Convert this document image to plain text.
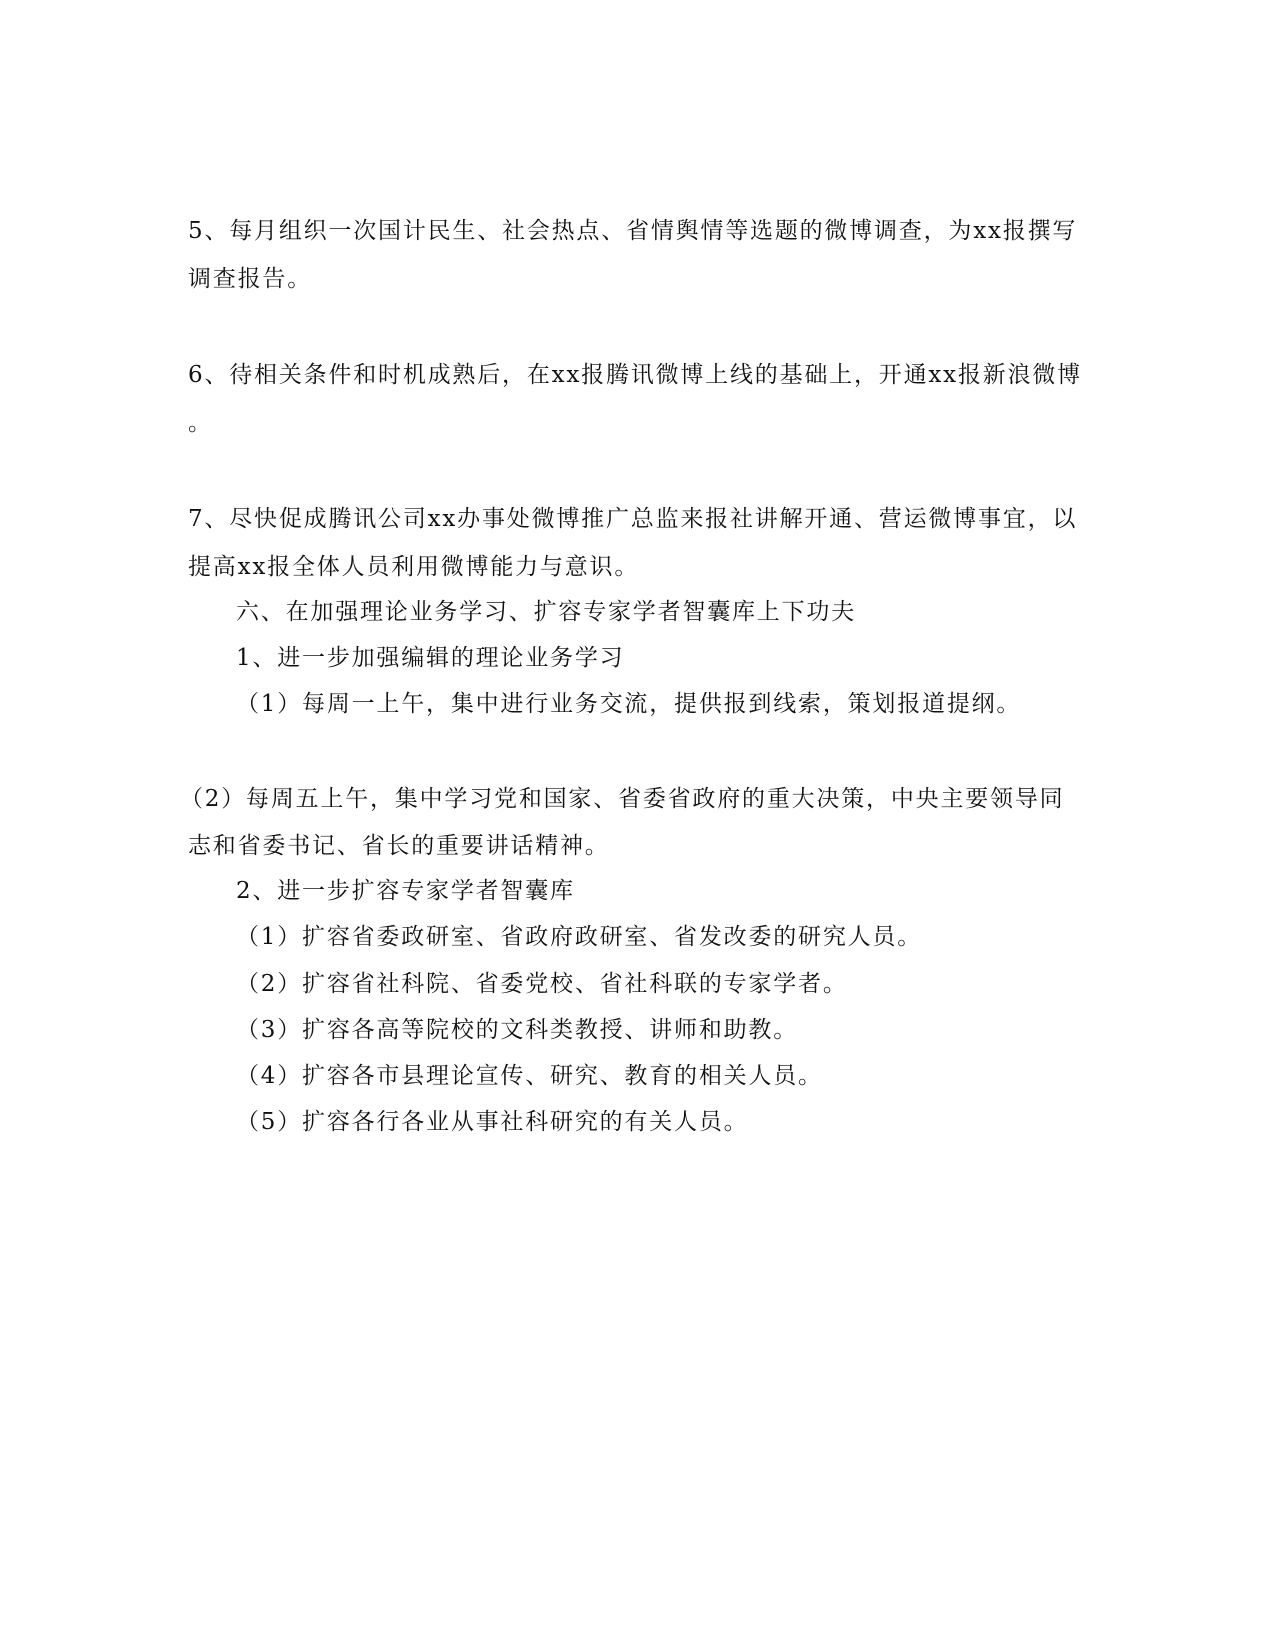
5、每月组织一次国计民生、社会热点、省情舆情等选题的微博调查，为xx报撰写
调查报告。
6、待相关条件和时机成熟后，在xx报腾讯微博上线的基础上，开通xx报新浪微博
。
7、尽快促成腾讯公司xx办事处微博推广总监来报社讲解开通、营运微博事宜，以
提高xx报全体人员利用微博能力与意识。
六、在加强理论业务学习、扩容专家学者智囊库上下功夫
1、进一步加强编辑的理论业务学习
（1）每周一上午，集中进行业务交流，提供报到线索，策划报道提纲。
（2）每周五上午，集中学习党和国家、省委省政府的重大决策，中央主要领导同
志和省委书记、省长的重要讲话精神。
2、进一步扩容专家学者智囊库
（1）扩容省委政研室、省政府政研室、省发改委的研究人员。
（2）扩容省社科院、省委党校、省社科联的专家学者。
（3）扩容各高等院校的文科类教授、讲师和助教。
（4）扩容各市县理论宣传、研究、教育的相关人员。
（5）扩容各行各业从事社科研究的有关人员。
